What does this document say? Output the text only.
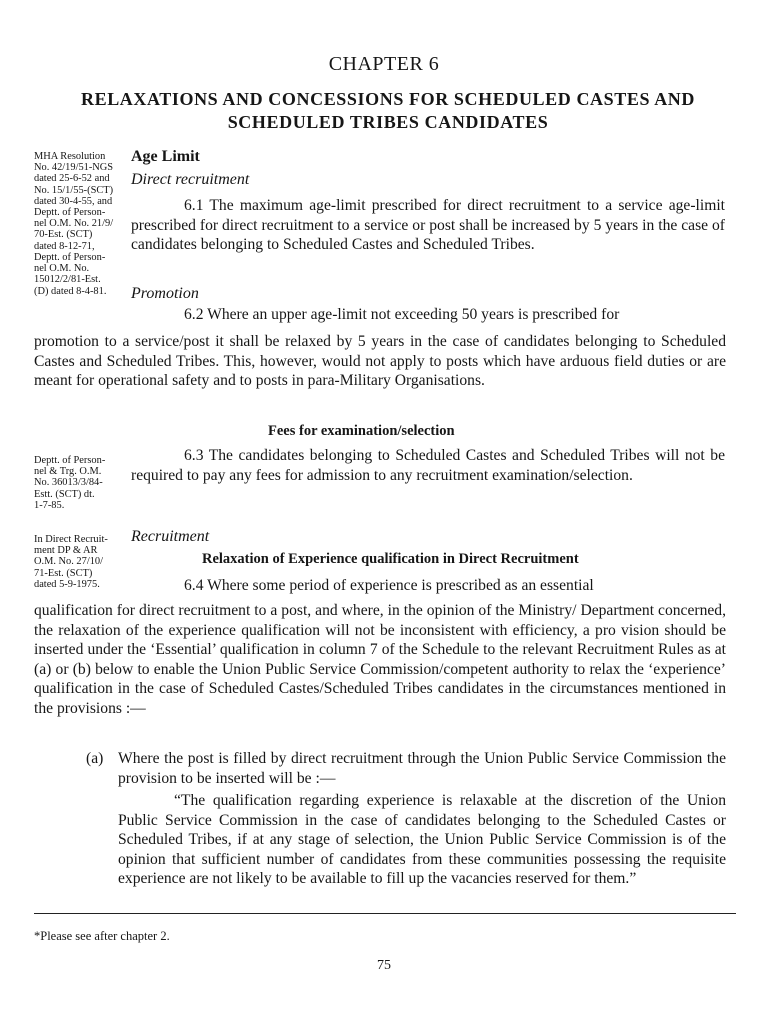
CHAPTER 6
RELAXATIONS AND CONCESSIONS FOR SCHEDULED CASTES AND SCHEDULED TRIBES CANDIDATES
MHA Resolution
No. 42/19/51-NGS
dated 25-6-52 and
No. 15/1/55-(SCT)
dated 30-4-55, and
Deptt. of Person-
nel O.M. No. 21/9/
70-Est. (SCT)
dated 8-12-71,
Deptt. of Person-
nel O.M. No.
15012/2/81-Est.
(D) dated 8-4-81.
Deptt. of Person-
nel & Trg. O.M.
No. 36013/3/84-
Estt. (SCT) dt.
1-7-85.
In Direct Recruit-
ment DP & AR
O.M. No. 27/10/
71-Est. (SCT)
dated 5-9-1975.
Age Limit
Direct recruitment
6.1 The maximum age-limit prescribed for direct recruitment to a service age-limit prescribed for direct recruitment to a service or post shall be increased by 5 years in the case of candidates belonging to Scheduled Castes and Scheduled Tribes.
Promotion
6.2 Where an upper age-limit not exceeding 50 years is prescribed for
promotion to a service/post it shall be relaxed by 5 years in the case of candidates belonging to Scheduled Castes and Scheduled Tribes. This, however, would not apply to posts which have arduous field duties or are meant for operational safety and to posts in para-Military Organisations.
Fees for examination/selection
6.3 The candidates belonging to Scheduled Castes and Scheduled Tribes will not be required to pay any fees for admission to any recruitment examination/selection.
Recruitment
Relaxation of Experience qualification in Direct Recruitment
6.4 Where some period of experience is prescribed as an essential
qualification for direct recruitment to a post, and where, in the opinion of the Ministry/ Department concerned, the relaxation of the experience qualification will not be inconsistent with efficiency, a pro vision should be inserted under the ‘Essential’ qualification in column 7 of the Schedule to the relevant Recruitment Rules as at (a) or (b) below to enable the Union Public Service Commission/competent authority to relax the ‘experience’ qualification in the case of Scheduled Castes/Scheduled Tribes candidates in the circumstances mentioned in the provisions :—
(a) Where the post is filled by direct recruitment through the Union Public Service Commission the provision to be inserted will be :—
“The qualification regarding experience is relaxable at the discretion of the Union Public Service Commission in the case of candidates belonging to the Scheduled Castes or Scheduled Tribes, if at any stage of selection, the Union Public Service Commission is of the opinion that sufficient number of candidates from these communities possessing the requisite experience are not likely to be available to fill up the vacancies reserved for them.”
*Please see after chapter 2.
75
